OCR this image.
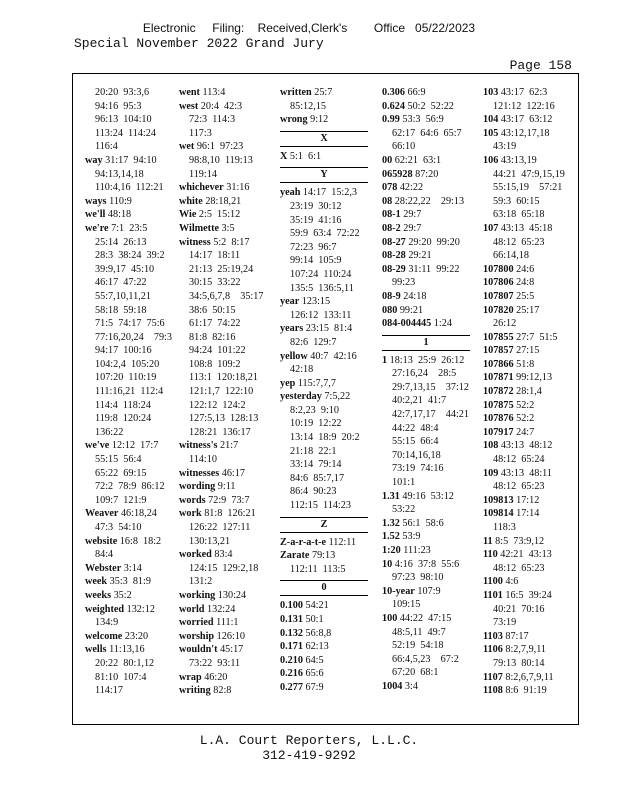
Electronic     Filing:    Received,Clerk's        Office   05/22/2023
Special November 2022 Grand Jury
Page 158
20:20  93:3,6
94:16  95:3
96:13  104:10
113:24  114:24
116:4
way 31:17  94:10
94:13,14,18
110:4,16  112:21
ways 110:9
we'll 48:18
we're 7:1  23:5
25:14  26:13
28:3  38:24  39:2
39:9,17  45:10
46:17  47:22
55:7,10,11,21
58:18  59:18
71:5  74:17  75:6
77:16,20,24    79:3
94:17  100:16
104:2,4  105:20
107:20  110:19
111:16,21  112:4
114:4  118:24
119:8  120:24
136:22
we've 12:12  17:7
55:15  56:4
65:22  69:15
72:2  78:9  86:12
109:7  121:9
Weaver 46:18,24
47:3  54:10
website 16:8  18:2
84:4
Webster 3:14
week 35:3  81:9
weeks 35:2
weighted 132:12
134:9
welcome 23:20
wells 11:13,16
20:22  80:1,12
81:10  107:4
114:17
went 113:4
west 20:4  42:3
72:3  114:3
117:3
wet 96:1  97:23
98:8,10  119:13
119:14
whichever 31:16
white 28:18,21
Wie 2:5  15:12
Wilmette 3:5
witness 5:2  8:17
14:17  18:11
21:13  25:19,24
30:15  33:22
34:5,6,7,8    35:17
38:6  50:15
61:17  74:22
81:8  82:16
94:24  101:22
108:8  109:2
113:1  120:18,21
121:1,7  122:10
122:12  124:2
127:5,13  128:13
128:21  136:17
witness's 21:7
114:10
witnesses 46:17
wording 9:11
words 72:9  73:7
work 81:8  126:21
126:22  127:11
130:13,21
worked 83:4
124:15  129:2,18
131:2
working 130:24
world 132:24
worried 111:1
worship 126:10
wouldn't 45:17
73:22  93:11
wrap 46:20
writing 82:8
written 25:7
85:12,15
wrong 9:12
X
X 5:1  6:1
Y
yeah 14:17  15:2,3
23:19  30:12
35:19  41:16
59:9  63:4  72:22
72:23  96:7
99:14  105:9
107:24  110:24
135:5  136:5,11
year 123:15
126:12  133:11
years 23:15  81:4
82:6  129:7
yellow 40:7  42:16
42:18
yep 115:7,7,7
yesterday 7:5,22
8:2,23  9:10
10:19  12:22
13:14  18:9  20:2
21:18  22:1
33:14  79:14
84:6  85:7,17
86:4  90:23
112:15  114:23
Z
Z-a-r-a-t-e 112:11
Zarate 79:13
112:11  113:5
0
0.100 54:21
0.131 50:1
0.132 56:8,8
0.171 62:13
0.210 64:5
0.216 65:6
0.277 67:9
0.306 66:9
0.624 50:2  52:22
0.99 53:3  56:9
62:17  64:6  65:7
66:10
00 62:21  63:1
065928 87:20
078 42:22
08 28:22,22    29:13
08-1 29:7
08-2 29:7
08-27 29:20  99:20
08-28 29:21
08-29 31:11  99:22
99:23
08-9 24:18
080 99:21
084-004445 1:24
1
1 18:13  25:9  26:12
27:16,24    28:5
29:7,13,15    37:12
40:2,21  41:7
42:7,17,17    44:21
44:22  48:4
55:15  66:4
70:14,16,18
73:19  74:16
101:1
1.31 49:16  53:12
53:22
1.32 56:1  58:6
1.52 53:9
1:20 111:23
10 4:16  37:8  55:6
97:23  98:10
10-year 107:9
109:15
100 44:22  47:15
48:5,11  49:7
52:19  54:18
66:4,5,23    67:2
67:20  68:1
1004 3:4
103 43:17  62:3
121:12  122:16
104 43:17  63:12
105 43:12,17,18
43:19
106 43:13,19
44:21  47:9,15,19
55:15,19    57:21
59:3  60:15
63:18  65:18
107 43:13  45:18
48:12  65:23
66:14,18
107800 24:6
107806 24:8
107807 25:5
107820 25:17
26:12
107855 27:7  51:5
107857 27:15
107866 51:8
107871 99:12,13
107872 28:1,4
107875 52:2
107876 52:2
107917 24:7
108 43:13  48:12
48:12  65:24
109 43:13  48:11
48:12  65:23
109813 17:12
109814 17:14
118:3
11 8:5  73:9,12
110 42:21  43:13
48:12  65:23
1100 4:6
1101 16:5  39:24
40:21  70:16
73:19
1103 87:17
1106 8:2,7,9,11
79:13  80:14
1107 8:2,6,7,9,11
1108 8:6  91:19
L.A. Court Reporters, L.L.C.
312-419-9292
